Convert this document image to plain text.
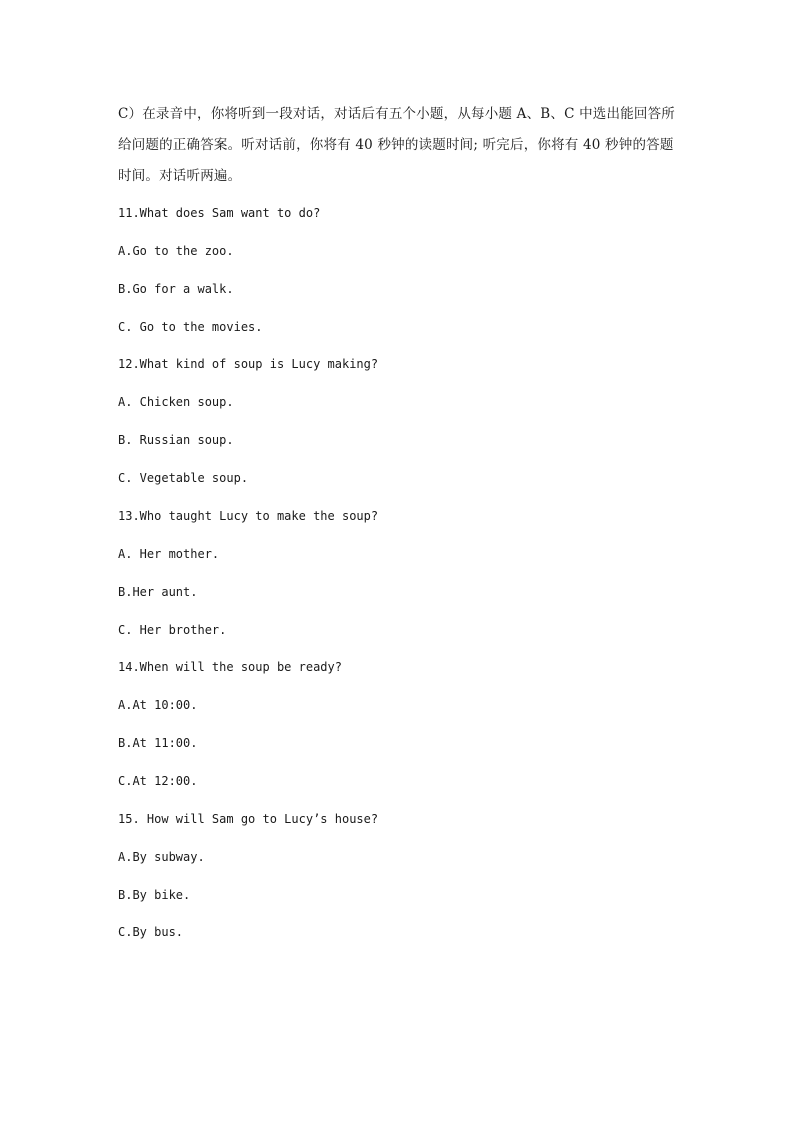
C）在录音中，你将听到一段对话，对话后有五个小题，从每小题 A、B、C 中选出能回答所
给问题的正确答案。听对话前，你将有 40 秒钟的读题时间; 听完后，你将有 40 秒钟的答题
时间。对话听两遍。
11.What does Sam want to do?
A.Go to the zoo.
B.Go for a walk.
C. Go to the movies.
12.What kind of soup is Lucy making?
A. Chicken soup.
B. Russian soup.
C. Vegetable soup.
13.Who taught Lucy to make the soup?
A. Her mother.
B.Her aunt.
C. Her brother.
14.When will the soup be ready?
A.At 10:00.
B.At 11:00.
C.At 12:00.
15. How will Sam go to Lucy’s house?
A.By subway.
B.By bike.
C.By bus.
